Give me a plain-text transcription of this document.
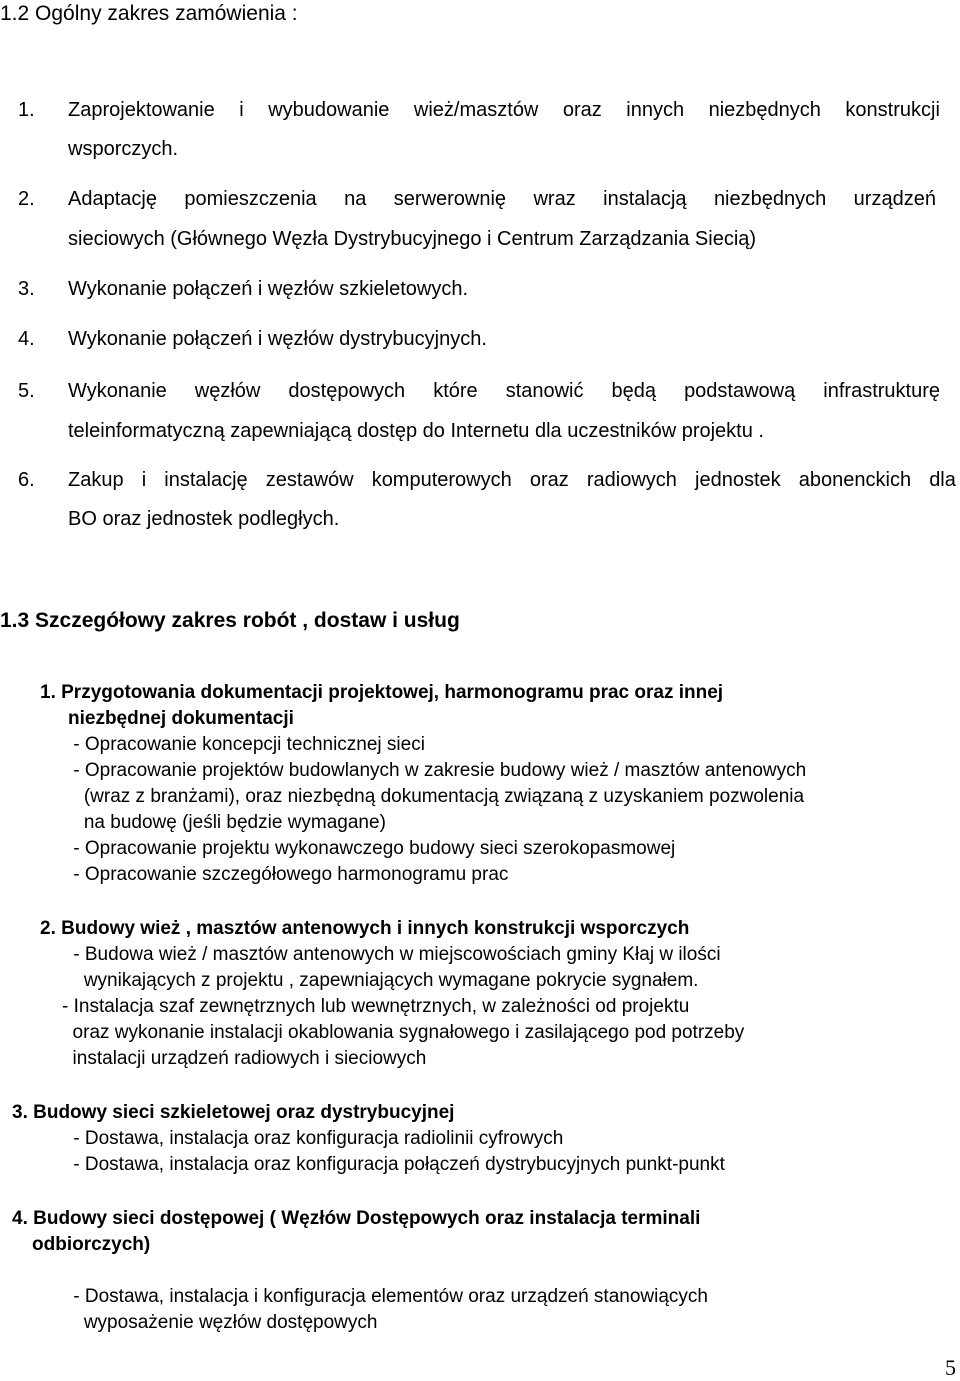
1.2 Ogólny zakres zamówienia :
1. Zaprojektowanie i wybudowanie wież/masztów oraz innych niezbędnych konstrukcji
wsporczych.
2. Adaptację pomieszczenia na serwerownię wraz instalacją niezbędnych urządzeń
sieciowych (Głównego Węzła Dystrybucyjnego i Centrum Zarządzania Siecią)
3. Wykonanie połączeń i węzłów szkieletowych.
4. Wykonanie połączeń i węzłów dystrybucyjnych.
5. Wykonanie węzłów dostępowych które stanowić będą podstawową infrastrukturę
teleinformatyczną zapewniającą dostęp do Internetu dla uczestników projektu .
6. Zakup i instalację zestawów komputerowych oraz radiowych jednostek abonenckich dla
BO oraz jednostek podległych.
1.3 Szczegółowy zakres robót , dostaw i usług
1. Przygotowania dokumentacji projektowej, harmonogramu prac oraz innej
niezbędnej dokumentacji
- Opracowanie koncepcji technicznej sieci
- Opracowanie projektów budowlanych w zakresie budowy wież / masztów antenowych
(wraz z branżami), oraz niezbędną dokumentacją związaną z uzyskaniem pozwolenia
na budowę (jeśli będzie wymagane)
- Opracowanie projektu wykonawczego budowy sieci szerokopasmowej
- Opracowanie szczegółowego harmonogramu prac
2. Budowy wież , masztów antenowych i innych konstrukcji wsporczych
- Budowa wież / masztów antenowych w miejscowościach gminy Kłaj w ilości
wynikających z projektu , zapewniających wymagane pokrycie sygnałem.
- Instalacja szaf zewnętrznych lub wewnętrznych, w zależności od projektu
oraz wykonanie instalacji okablowania sygnałowego i zasilającego pod potrzeby
instalacji urządzeń radiowych i sieciowych
3. Budowy sieci szkieletowej oraz dystrybucyjnej
- Dostawa, instalacja oraz konfiguracja radiolinii cyfrowych
- Dostawa, instalacja oraz konfiguracja połączeń dystrybucyjnych punkt-punkt
4. Budowy sieci dostępowej ( Węzłów Dostępowych oraz instalacja terminali
odbiorczych)
- Dostawa, instalacja i konfiguracja elementów oraz urządzeń stanowiących
wyposażenie węzłów dostępowych
5
